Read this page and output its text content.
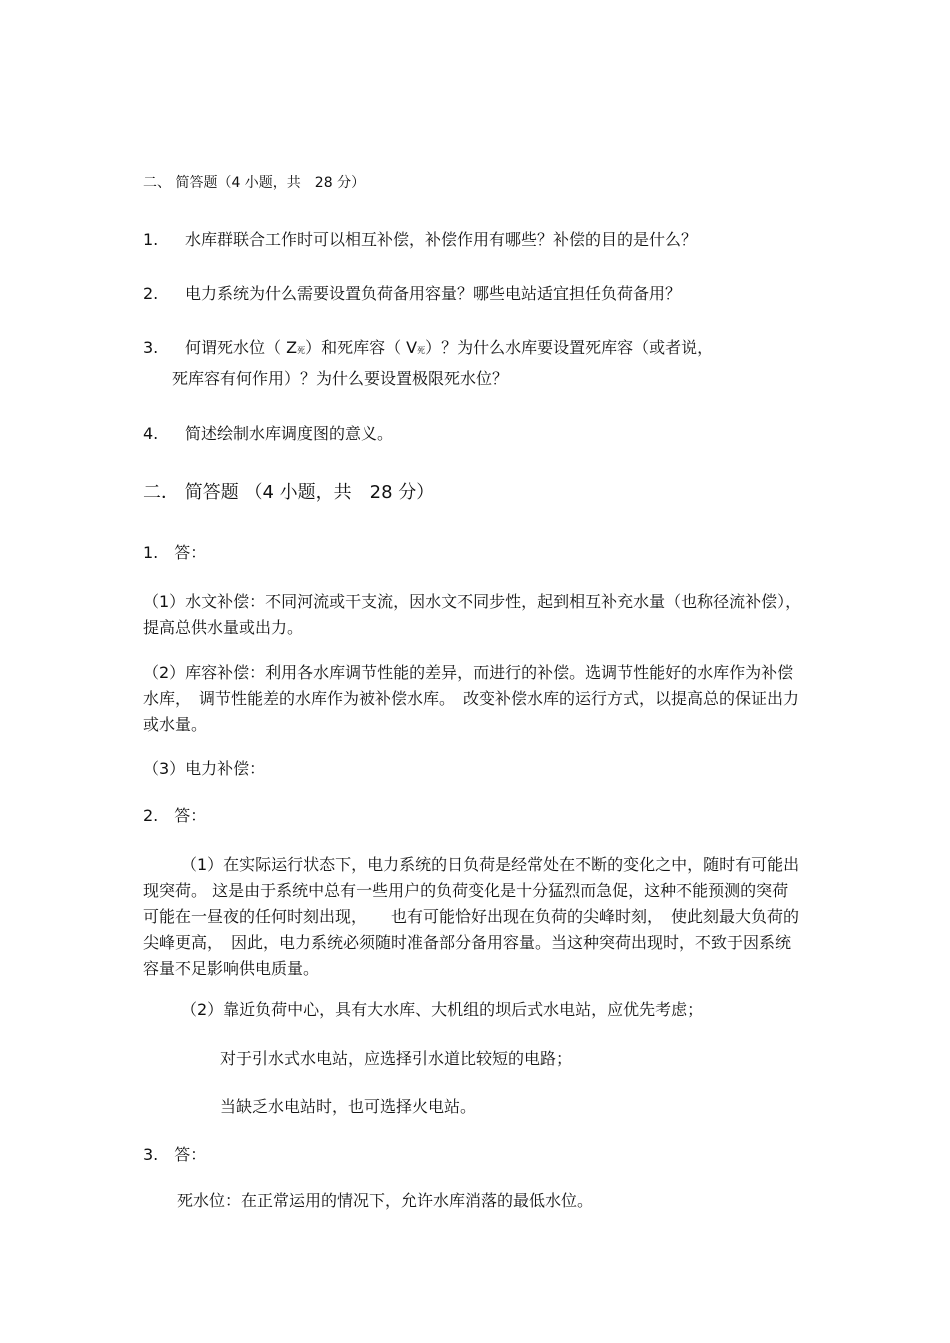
二、 简答题（4 小题，共　28 分）
1. 水库群联合工作时可以相互补偿，补偿作用有哪些？补偿的目的是什么？
2. 电力系统为什么需要设置负荷备用容量？哪些电站适宜担任负荷备用？
3. 何谓死水位（ Z死）和死库容（ V死）？为什么水库要设置死库容（或者说，
死库容有何作用）？为什么要设置极限死水位？
4. 简述绘制水库调度图的意义。
二． 简答题 （4 小题，共　28 分）
1.　答：
（1）水文补偿：不同河流或干支流，因水文不同步性，起到相互补充水量（也称径流补偿），提高总供水量或出力。
（2）库容补偿：利用各水库调节性能的差异，而进行的补偿。选调节性能好的水库作为补偿水库，　调节性能差的水库作为被补偿水库。　改变补偿水库的运行方式，以提高总的保证出力或水量。
（3）电力补偿：
2.　答：
（1）在实际运行状态下，电力系统的日负荷是经常处在不断的变化之中，随时有可能出现突荷。 这是由于系统中总有一些用户的负荷变化是十分猛烈而急促，这种不能预测的突荷可能在一昼夜的任何时刻出现，　　也有可能恰好出现在负荷的尖峰时刻，　使此刻最大负荷的尖峰更高，　因此，电力系统必须随时准备部分备用容量。当这种突荷出现时，不致于因系统容量不足影响供电质量。
（2）靠近负荷中心，具有大水库、大机组的坝后式水电站，应优先考虑；
对于引水式水电站，应选择引水道比较短的电路；
当缺乏水电站时，也可选择火电站。
3.　答：
死水位：在正常运用的情况下，允许水库消落的最低水位。
